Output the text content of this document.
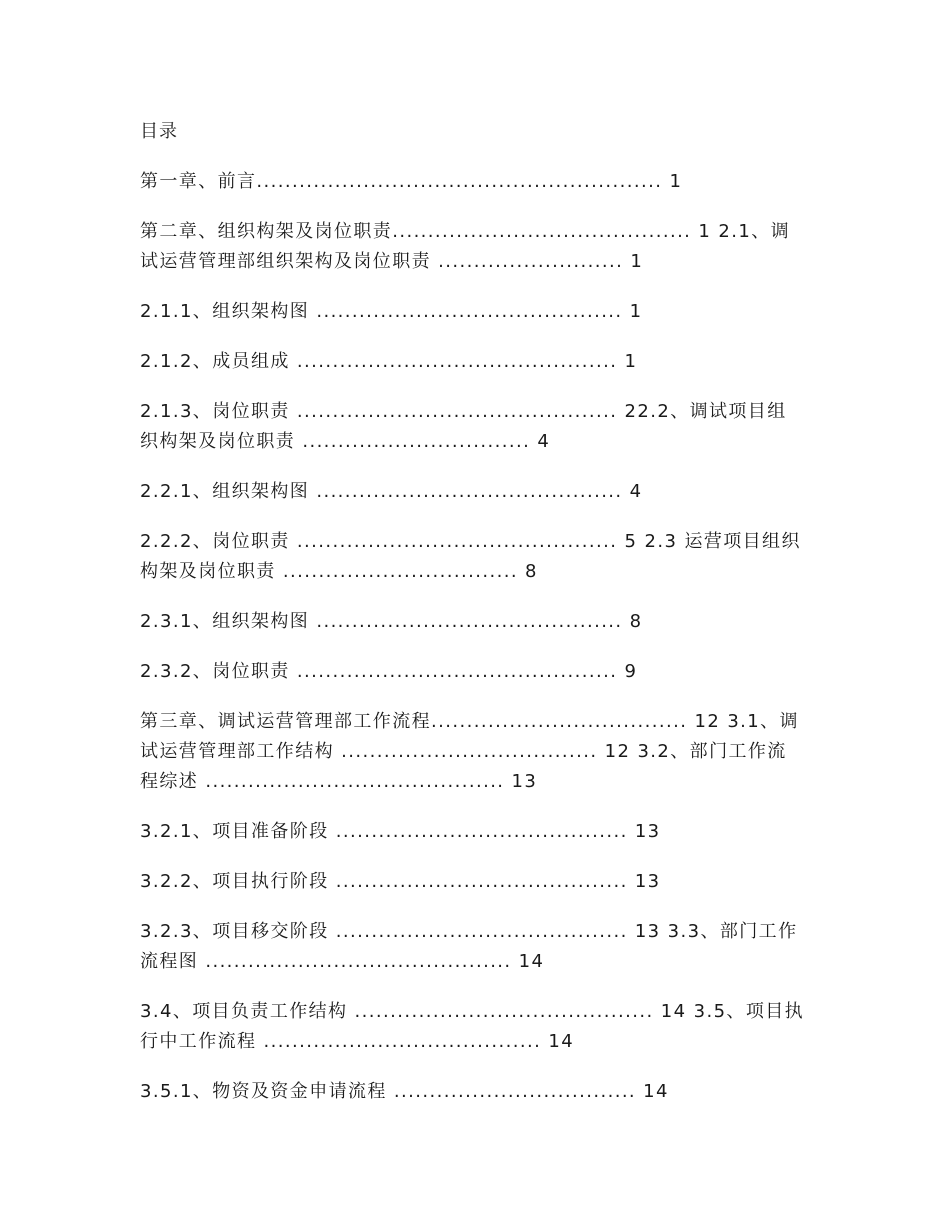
目录
第一章、前言......................................................... 1
第二章、组织构架及岗位职责.......................................... 1 2.1、调试运营管理部组织架构及岗位职责 .......................... 1
2.1.1、组织架构图 ........................................... 1
2.1.2、成员组成 ............................................. 1
2.1.3、岗位职责 ............................................. 22.2、调试项目组织构架及岗位职责 ................................ 4
2.2.1、组织架构图 ........................................... 4
2.2.2、岗位职责 ............................................. 5 2.3 运营项目组织构架及岗位职责 ................................. 8
2.3.1、组织架构图 ........................................... 8
2.3.2、岗位职责 ............................................. 9
第三章、调试运营管理部工作流程.................................... 12 3.1、调试运营管理部工作结构 .................................... 12 3.2、部门工作流程综述 .......................................... 13
3.2.1、项目准备阶段 ......................................... 13
3.2.2、项目执行阶段 ......................................... 13
3.2.3、项目移交阶段 ......................................... 13 3.3、部门工作流程图 ........................................... 14
3.4、项目负责工作结构 .......................................... 14 3.5、项目执行中工作流程 ....................................... 14
3.5.1、物资及资金申请流程 .................................. 14
